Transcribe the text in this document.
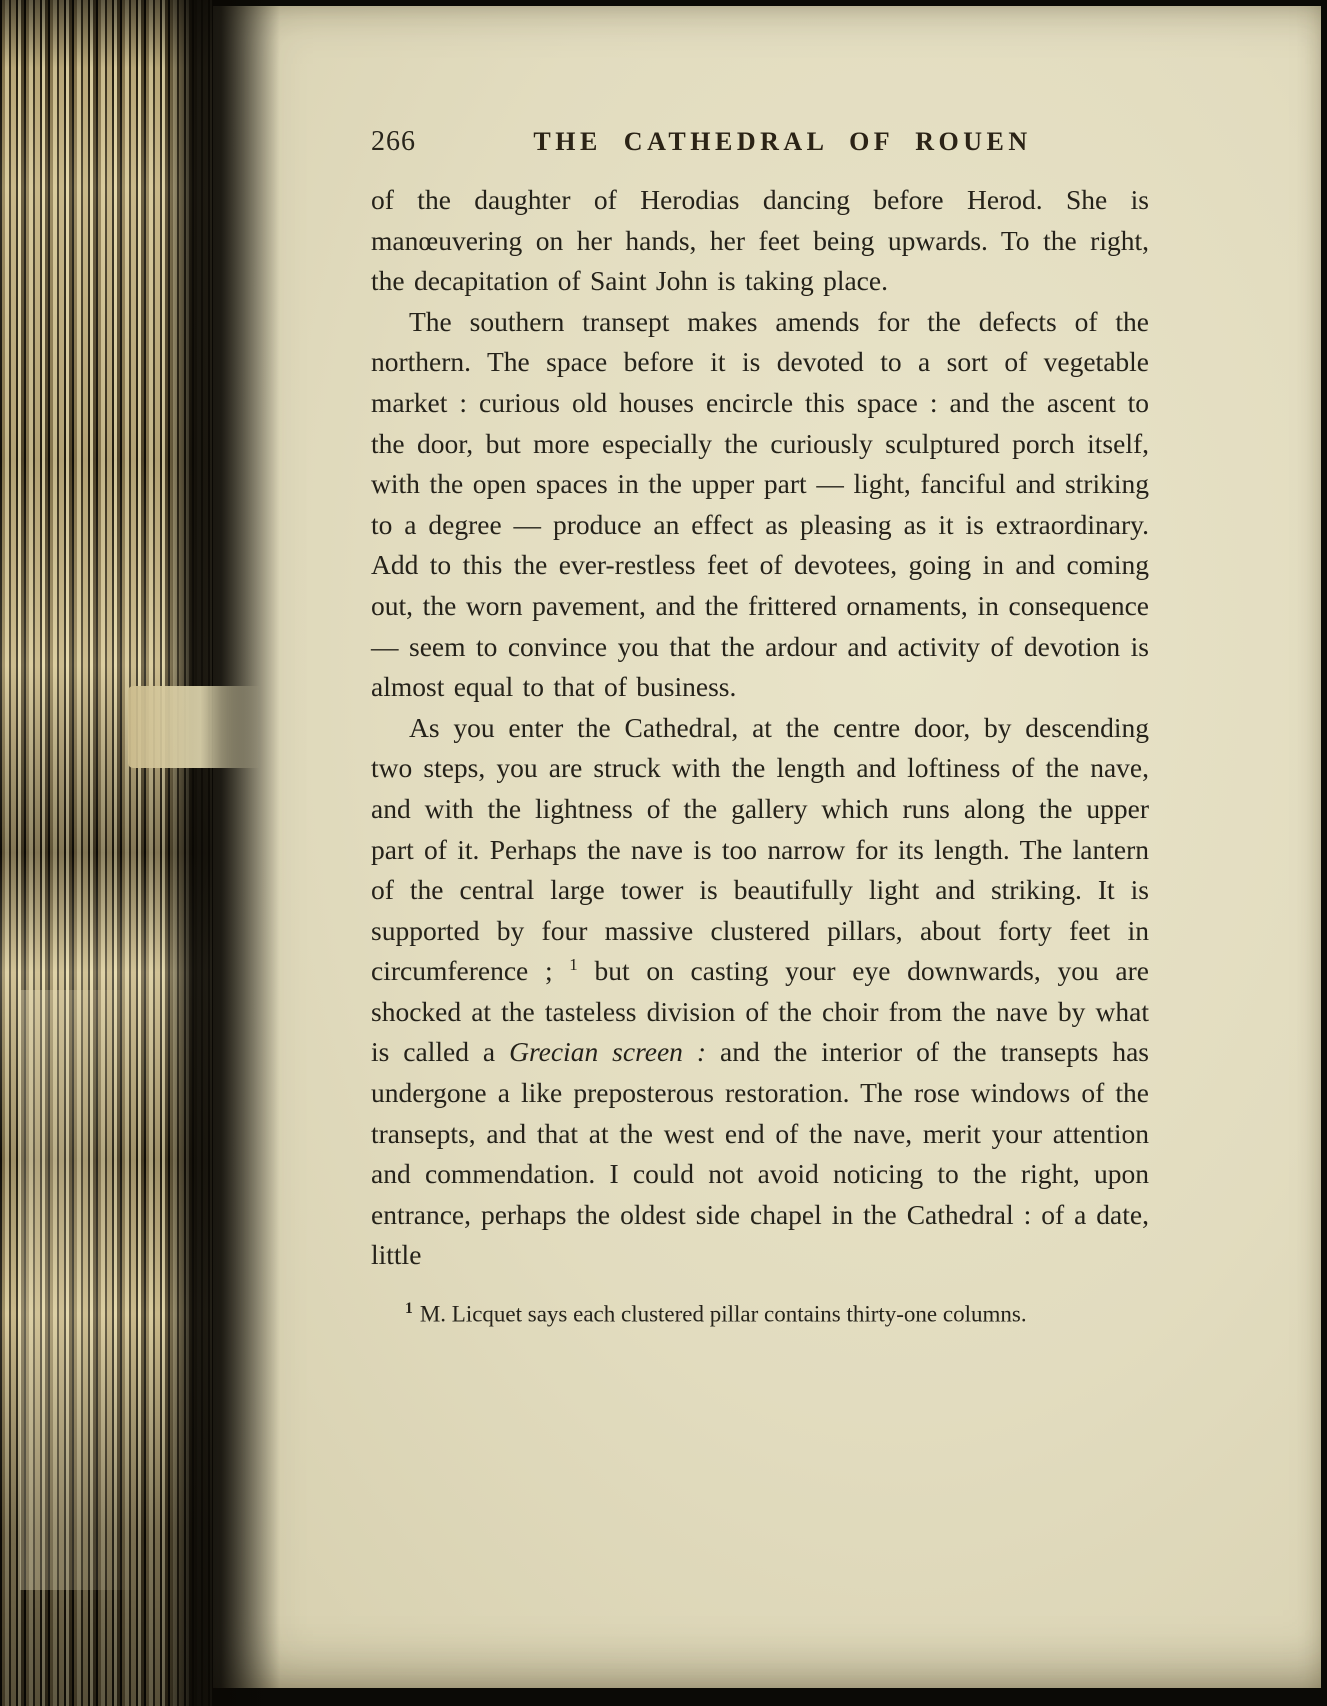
266	THE CATHEDRAL OF ROUEN

of the daughter of Herodias dancing before Herod. She is manœuvering on her hands, her feet being upwards. To the right, the decapitation of Saint John is taking place.

The southern transept makes amends for the defects of the northern. The space before it is devoted to a sort of vegetable market : curious old houses encircle this space : and the ascent to the door, but more especially the curiously sculptured porch itself, with the open spaces in the upper part — light, fanciful and striking to a degree — produce an effect as pleasing as it is extraordinary. Add to this the ever-restless feet of devotees, going in and coming out, the worn pavement, and the frittered ornaments, in consequence — seem to convince you that the ardour and activity of devotion is almost equal to that of business.

As you enter the Cathedral, at the centre door, by descending two steps, you are struck with the length and loftiness of the nave, and with the lightness of the gallery which runs along the upper part of it. Perhaps the nave is too narrow for its length. The lantern of the central large tower is beautifully light and striking. It is supported by four massive clustered pillars, about forty feet in circumference ; $^1$ but on casting your eye downwards, you are shocked at the tasteless division of the choir from the nave by what is called a Grecian screen : and the interior of the transepts has undergone a like preposterous restoration. The rose windows of the transepts, and that at the west end of the nave, merit your attention and commendation. I could not avoid noticing to the right, upon entrance, perhaps the oldest side chapel in the Cathedral : of a date, little

$^1$ M. Licquet says each clustered pillar contains thirty-one columns.
